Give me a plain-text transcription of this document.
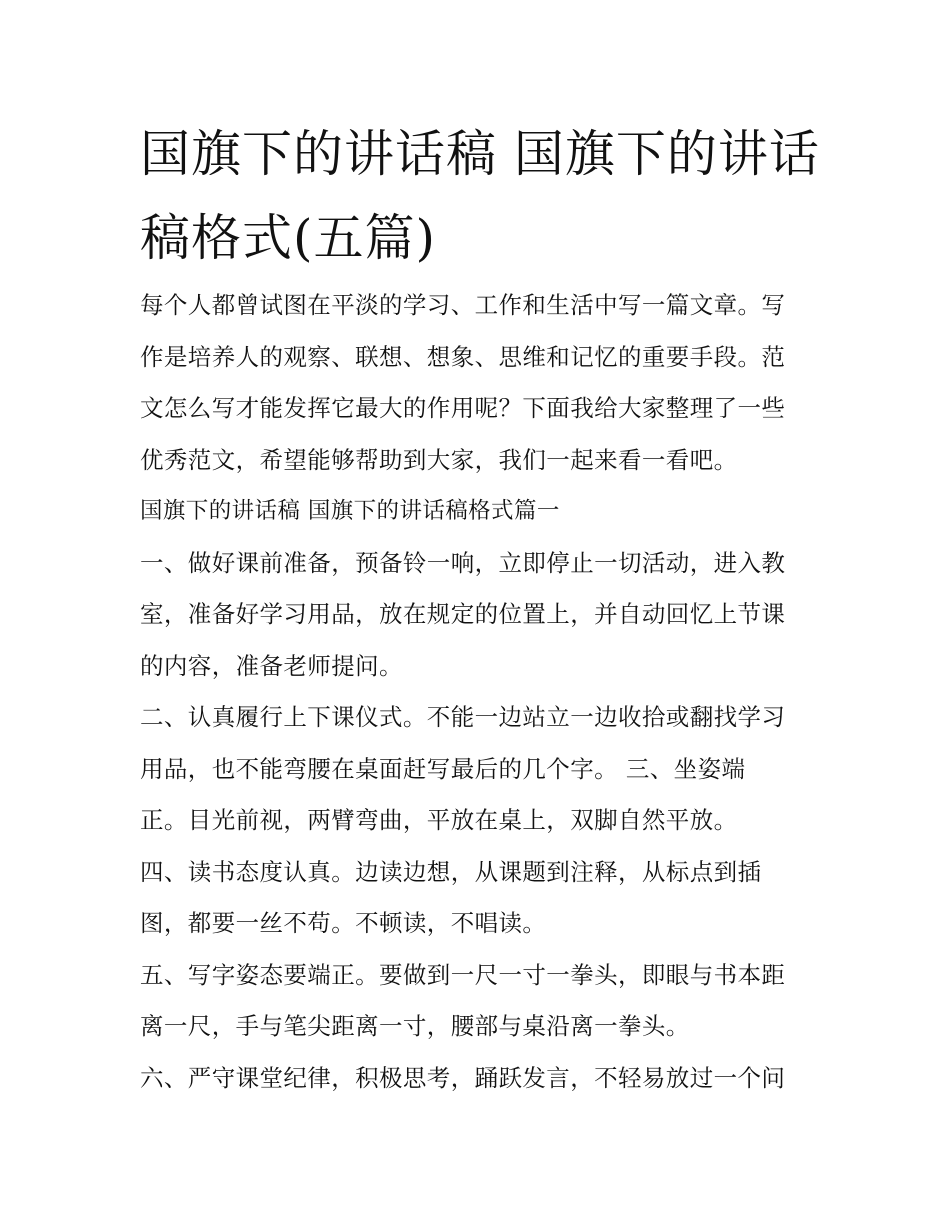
国旗下的讲话稿 国旗下的讲话
稿格式(五篇)
每个人都曾试图在平淡的学习、工作和生活中写一篇文章。写
作是培养人的观察、联想、想象、思维和记忆的重要手段。范
文怎么写才能发挥它最大的作用呢？下面我给大家整理了一些
优秀范文，希望能够帮助到大家，我们一起来看一看吧。
国旗下的讲话稿 国旗下的讲话稿格式篇一
一、做好课前准备，预备铃一响，立即停止一切活动，进入教
室，准备好学习用品，放在规定的位置上，并自动回忆上节课
的内容，准备老师提问。
二、认真履行上下课仪式。不能一边站立一边收拾或翻找学习
用品，也不能弯腰在桌面赶写最后的几个字。 三、坐姿端
正。目光前视，两臂弯曲，平放在桌上，双脚自然平放。
四、读书态度认真。边读边想，从课题到注释，从标点到插
图，都要一丝不苟。不顿读，不唱读。
五、写字姿态要端正。要做到一尺一寸一拳头，即眼与书本距
离一尺，手与笔尖距离一寸，腰部与桌沿离一拳头。
六、严守课堂纪律，积极思考，踊跃发言，不轻易放过一个问
